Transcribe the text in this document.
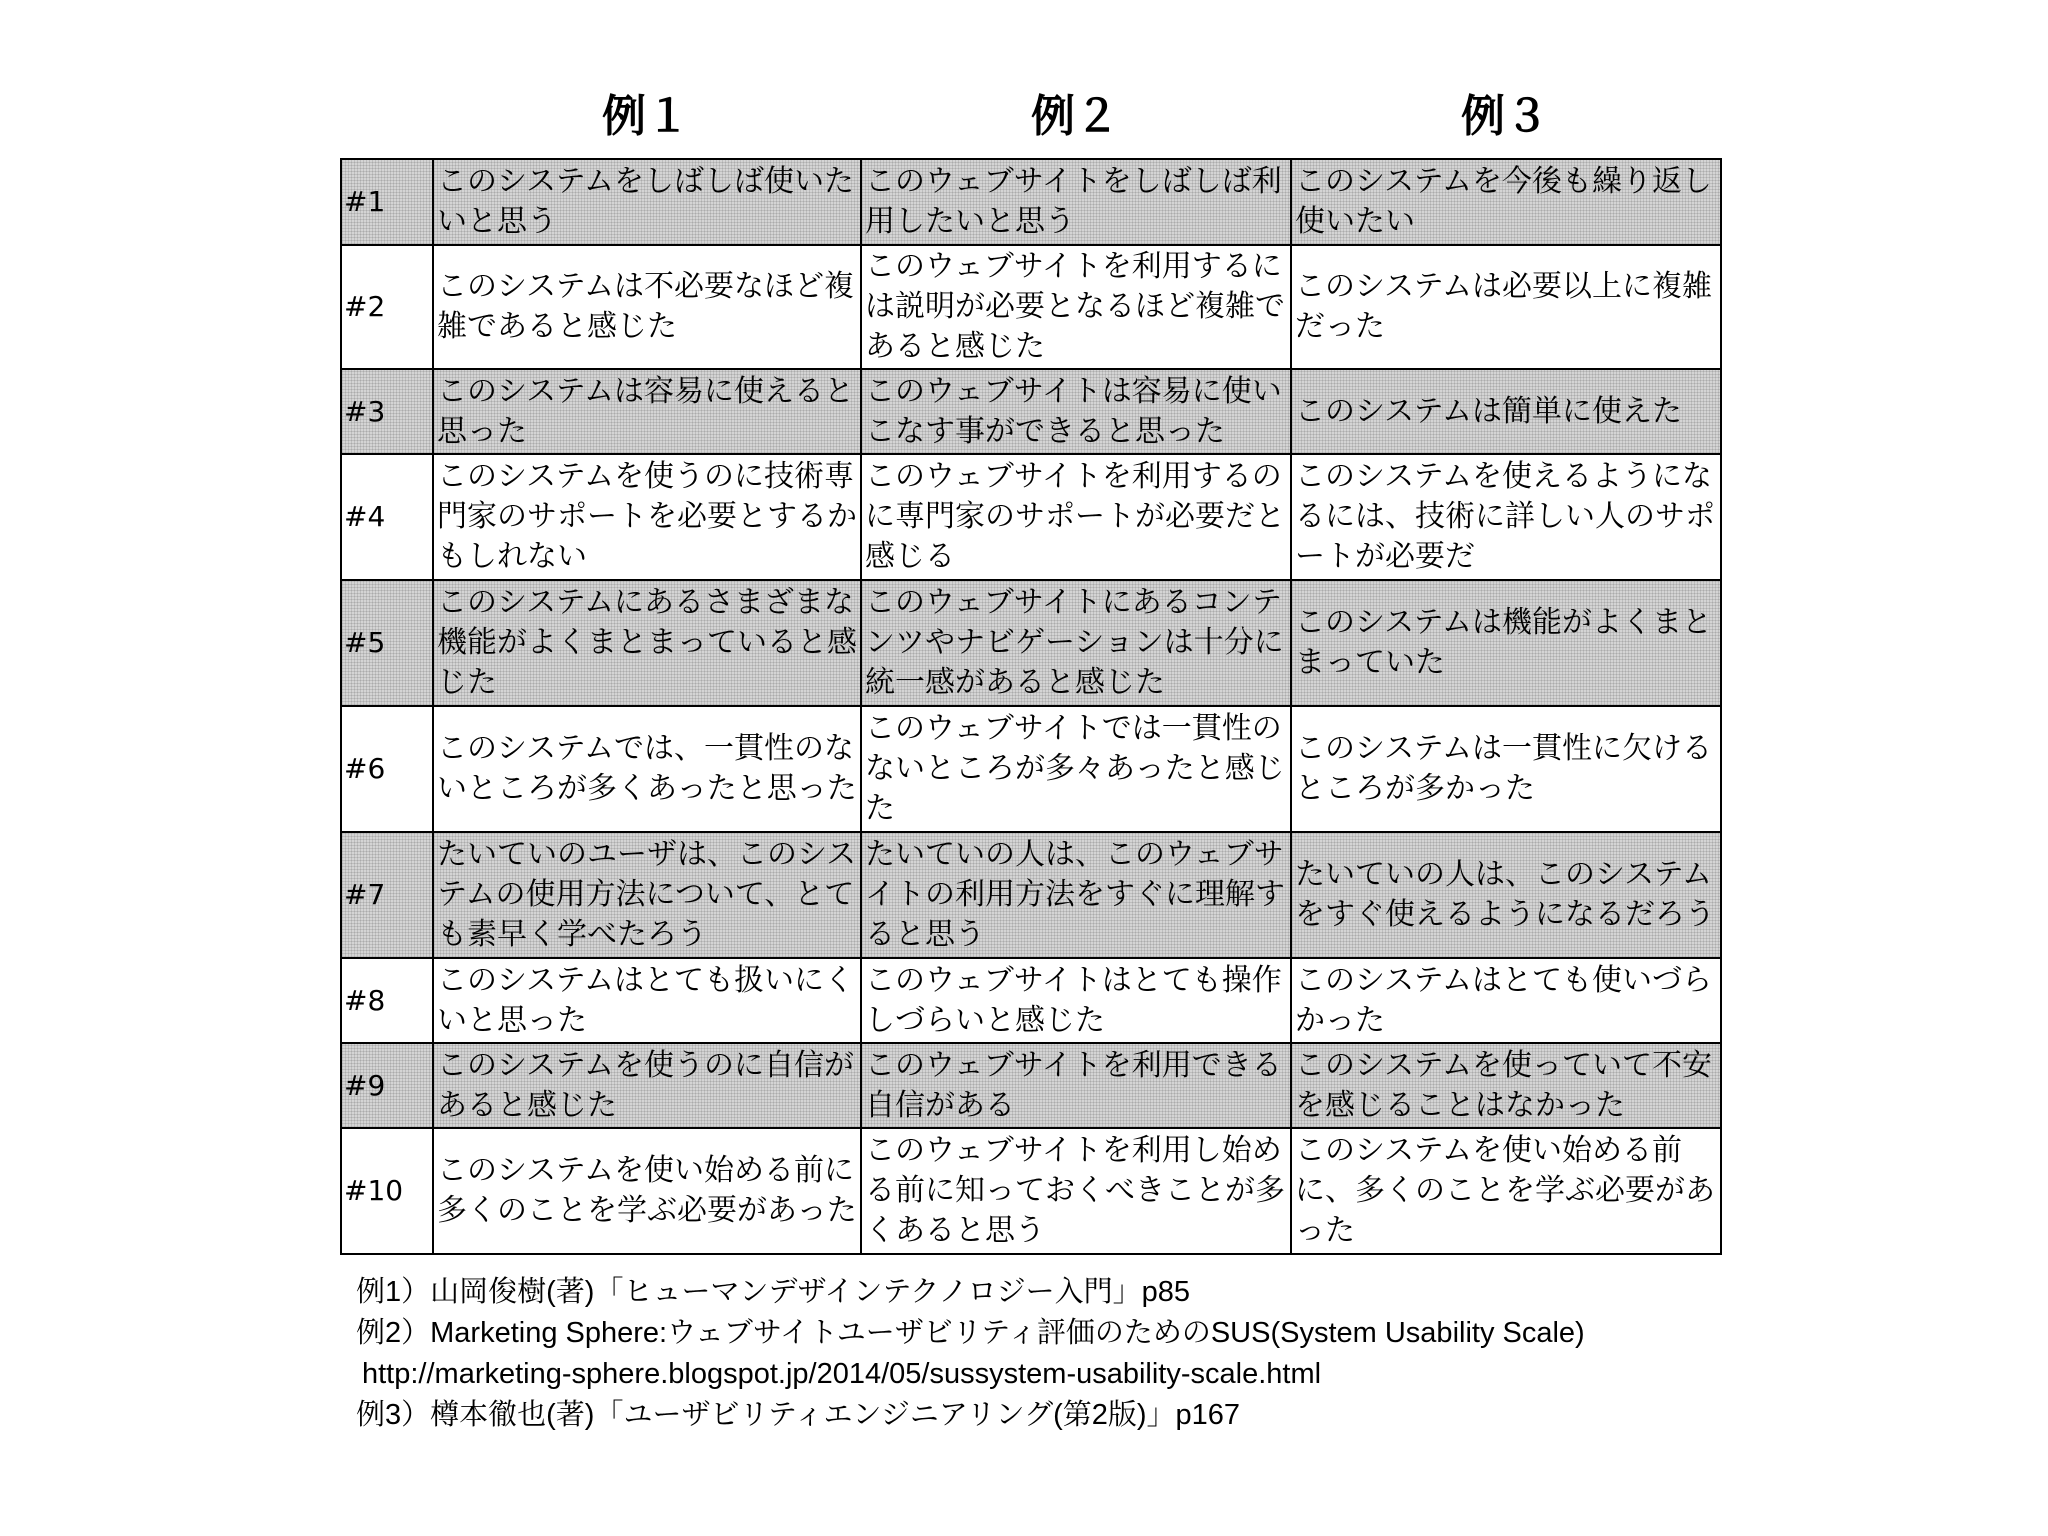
例１	例２	例３
#1	このシステムをしばしば使いたいと思う	このウェブサイトをしばしば利用したいと思う	このシステムを今後も繰り返し使いたい
#2	このシステムは不必要なほど複雑であると感じた	このウェブサイトを利用するには説明が必要となるほど複雑であると感じた	このシステムは必要以上に複雑だった
#3	このシステムは容易に使えると思った	このウェブサイトは容易に使いこなす事ができると思った	このシステムは簡単に使えた
#4	このシステムを使うのに技術専門家のサポートを必要とするかもしれない	このウェブサイトを利用するのに専門家のサポートが必要だと感じる	このシステムを使えるようになるには、技術に詳しい人のサポートが必要だ
#5	このシステムにあるさまざまな機能がよくまとまっていると感じた	このウェブサイトにあるコンテンツやナビゲーションは十分に統一感があると感じた	このシステムは機能がよくまとまっていた
#6	このシステムでは、一貫性のないところが多くあったと思った	このウェブサイトでは一貫性のないところが多々あったと感じた	このシステムは一貫性に欠けるところが多かった
#7	たいていのユーザは、このシステムの使用方法について、とても素早く学べたろう	たいていの人は、このウェブサイトの利用方法をすぐに理解すると思う	たいていの人は、このシステムをすぐ使えるようになるだろう
#8	このシステムはとても扱いにくいと思った	このウェブサイトはとても操作しづらいと感じた	このシステムはとても使いづらかった
#9	このシステムを使うのに自信があると感じた	このウェブサイトを利用できる自信がある	このシステムを使っていて不安を感じることはなかった
#10	このシステムを使い始める前に多くのことを学ぶ必要があった	このウェブサイトを利用し始める前に知っておくべきことが多くあると思う	このシステムを使い始める前に、多くのことを学ぶ必要があった
例1）山岡俊樹(著)「ヒューマンデザインテクノロジー入門」p85
例2）Marketing Sphere:ウェブサイトユーザビリティ評価のためのSUS(System Usability Scale)
http://marketing-sphere.blogspot.jp/2014/05/sussystem-usability-scale.html
例3）樽本徹也(著)「ユーザビリティエンジニアリング(第2版)」p167
